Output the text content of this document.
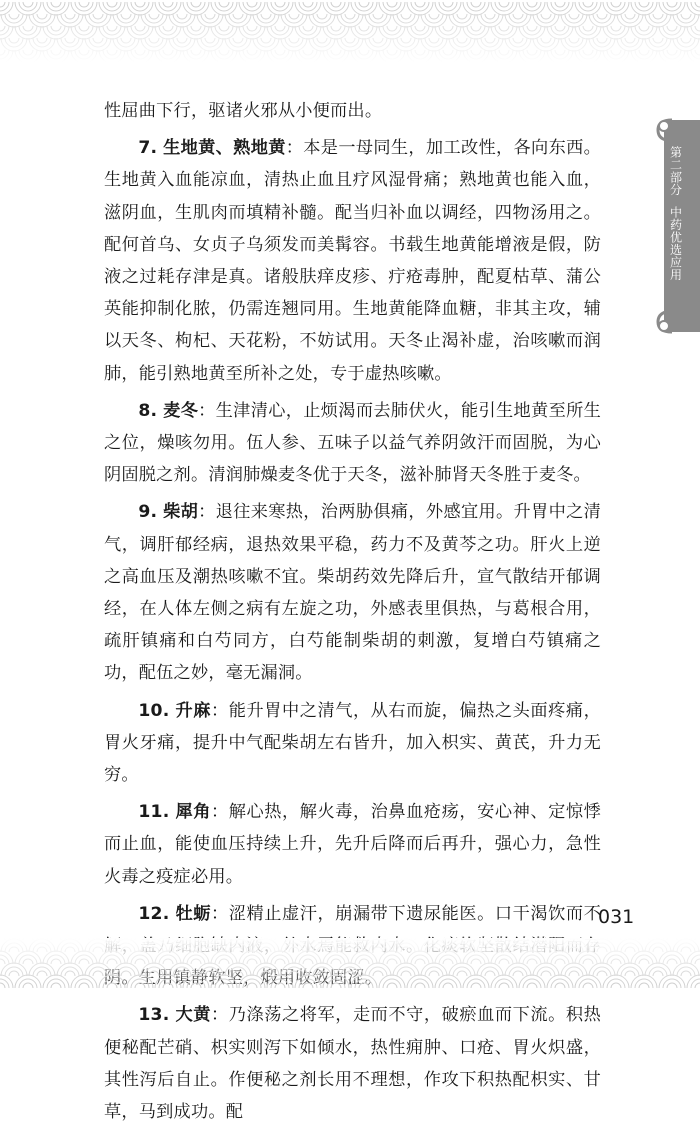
第二部分
中药优选应用

性屈曲下行，驱诸火邪从小便而出。

7. 生地黄、熟地黄：本是一母同生，加工改性，各向东西。生地黄入血能凉血，清热止血且疗风湿骨痛；熟地黄也能入血，滋阴血，生肌肉而填精补髓。配当归补血以调经，四物汤用之。配何首乌、女贞子乌须发而美髯容。书载生地黄能增液是假，防液之过耗存津是真。诸般肤痒皮疹、疔疮毒肿，配夏枯草、蒲公英能抑制化脓，仍需连翘同用。生地黄能降血糖，非其主攻，辅以天冬、枸杞、天花粉，不妨试用。天冬止渴补虚，治咳嗽而润肺，能引熟地黄至所补之处，专于虚热咳嗽。

8. 麦冬：生津清心，止烦渴而去肺伏火，能引生地黄至所生之位，燥咳勿用。伍人参、五味子以益气养阴敛汗而固脱，为心阴固脱之剂。清润肺燥麦冬优于天冬，滋补肺肾天冬胜于麦冬。

9. 柴胡：退往来寒热，治两胁俱痛，外感宜用。升胃中之清气，调肝郁经病，退热效果平稳，药力不及黄芩之功。肝火上逆之高血压及潮热咳嗽不宜。柴胡药效先降后升，宣气散结开郁调经，在人体左侧之病有左旋之功，外感表里俱热，与葛根合用，疏肝镇痛和白芍同方，白芍能制柴胡的刺激，复增白芍镇痛之功，配伍之妙，毫无漏洞。

10. 升麻：能升胃中之清气，从右而旋，偏热之头面疼痛，胃火牙痛，提升中气配柴胡左右皆升，加入枳实、黄芪，升力无穷。

11. 犀角：解心热，解火毒，治鼻血疮疡，安心神、定惊悸而止血，能使血压持续上升，先升后降而后再升，强心力，急性火毒之疫症必用。

12. 牡蛎：涩精止虚汗，崩漏带下遗尿能医。口干渴饮而不

13. 大黄：乃涤荡之将军，走而不守，破瘀血而下流。积热便秘配芒硝、枳实则泻下如倾水，热性痈肿、口疮、胃火炽盛，其性泻后自止。作便秘之剂长用不理想，作攻下积热配枳实、甘草，马到成功。配

031
